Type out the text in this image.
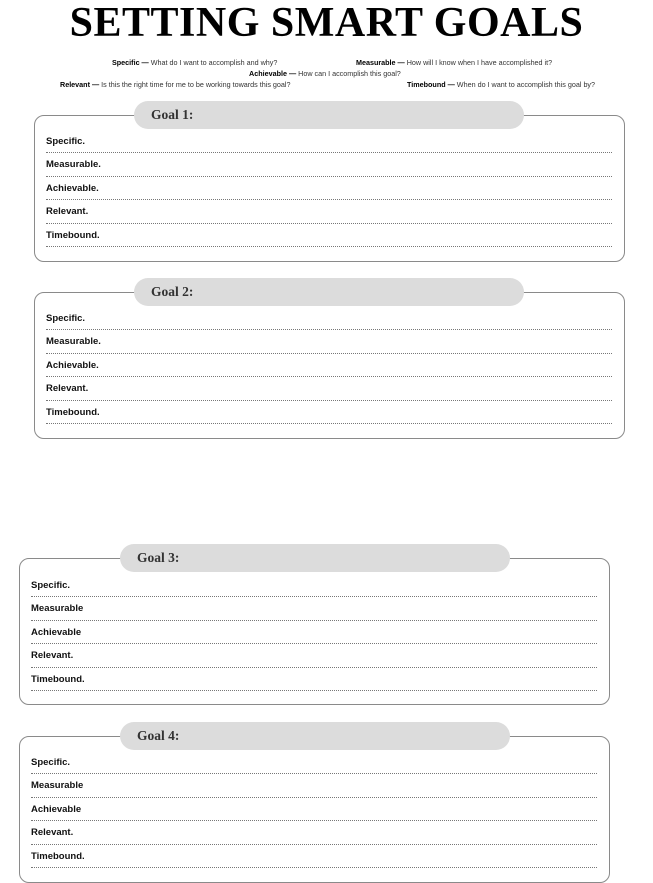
SETTING SMART GOALS
Specific — What do I want to accomplish and why?	Measurable — How will I know when I have accomplished it?
Achievable — How can I accomplish this goal?
Relevant — Is this the right time for me to be working towards this goal?	Timebound — When do I want to accomplish this goal by?
Goal 1:
Specific.
Measurable.
Achievable.
Relevant.
Timebound.
Goal 2:
Specific.
Measurable.
Achievable.
Relevant.
Timebound.
Goal 3:
Specific.
Measurable
Achievable
Relevant.
Timebound.
Goal 4:
Specific.
Measurable
Achievable
Relevant.
Timebound.
